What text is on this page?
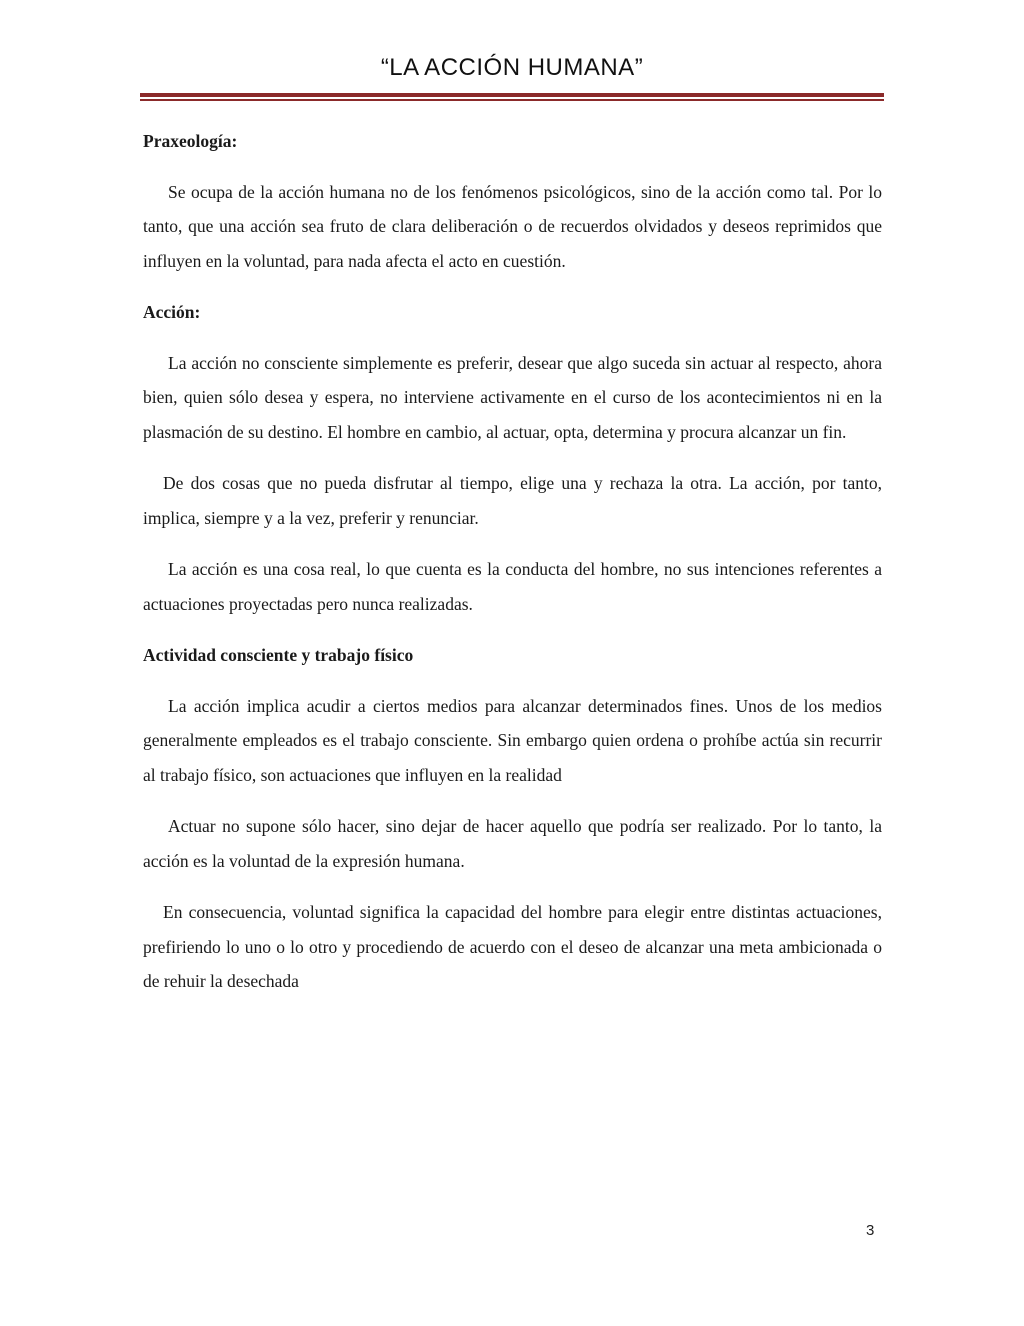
“LA ACCIÓN HUMANA”
Praxeología:

Se ocupa de la acción humana no de los fenómenos psicológicos, sino de la acción como tal. Por lo tanto, que una acción sea fruto de clara deliberación o de recuerdos olvidados y deseos reprimidos que influyen en la voluntad, para nada afecta el acto en cuestión.

Acción:

La acción no consciente simplemente es preferir, desear que algo suceda sin actuar al respecto, ahora bien, quien sólo desea y espera, no interviene activamente en el curso de los acontecimientos ni en la plasmación de su destino. El hombre en cambio, al actuar, opta, determina y procura alcanzar un fin.

De dos cosas que no pueda disfrutar al tiempo, elige una y rechaza la otra. La acción, por tanto, implica, siempre y a la vez, preferir y renunciar.

La acción es una cosa real, lo que cuenta es la conducta del hombre, no sus intenciones referentes a actuaciones proyectadas pero nunca realizadas.

Actividad consciente y trabajo físico

La acción implica acudir a ciertos medios para alcanzar determinados fines. Unos de los medios generalmente empleados es el trabajo consciente. Sin embargo quien ordena o prohíbe actúa sin recurrir al trabajo físico, son actuaciones que influyen en la realidad

Actuar no supone sólo hacer, sino dejar de hacer aquello que podría ser realizado. Por lo tanto, la acción es la voluntad de la expresión humana.

En consecuencia, voluntad significa la capacidad del hombre para elegir entre distintas actuaciones, prefiriendo lo uno o lo otro y procediendo de acuerdo con el deseo de alcanzar una meta ambicionada o de rehuir la desechada

3
